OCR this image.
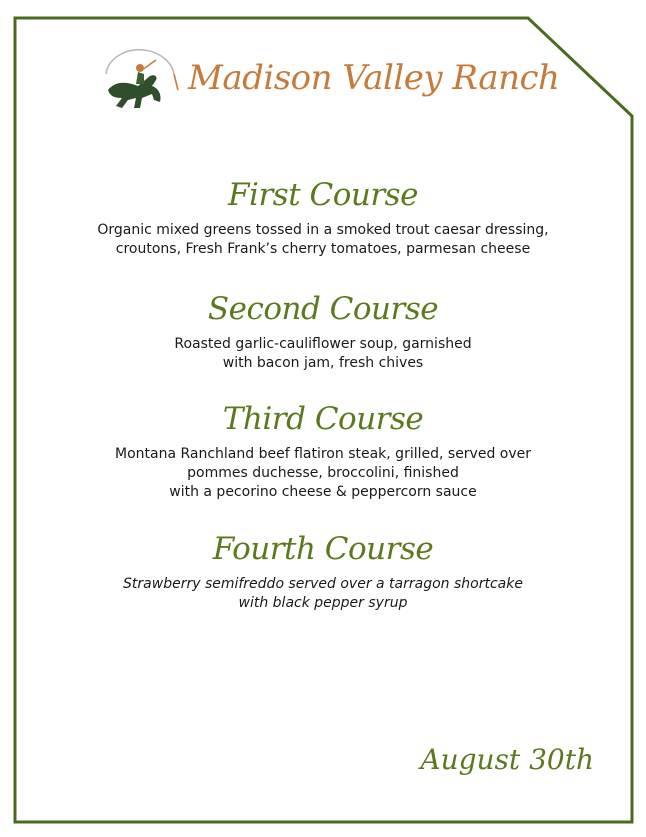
Madison Valley Ranch
First Course
Organic mixed greens tossed in a smoked trout caesar dressing,
croutons, Fresh Frank’s cherry tomatoes, parmesan cheese
Second Course
Roasted garlic-cauliflower soup, garnished
with bacon jam, fresh chives
Third Course
Montana Ranchland beef flatiron steak, grilled, served over
pommes duchesse, broccolini, finished
with a pecorino cheese & peppercorn sauce
Fourth Course
Strawberry semifreddo served over a tarragon shortcake
with black pepper syrup
August 30th
